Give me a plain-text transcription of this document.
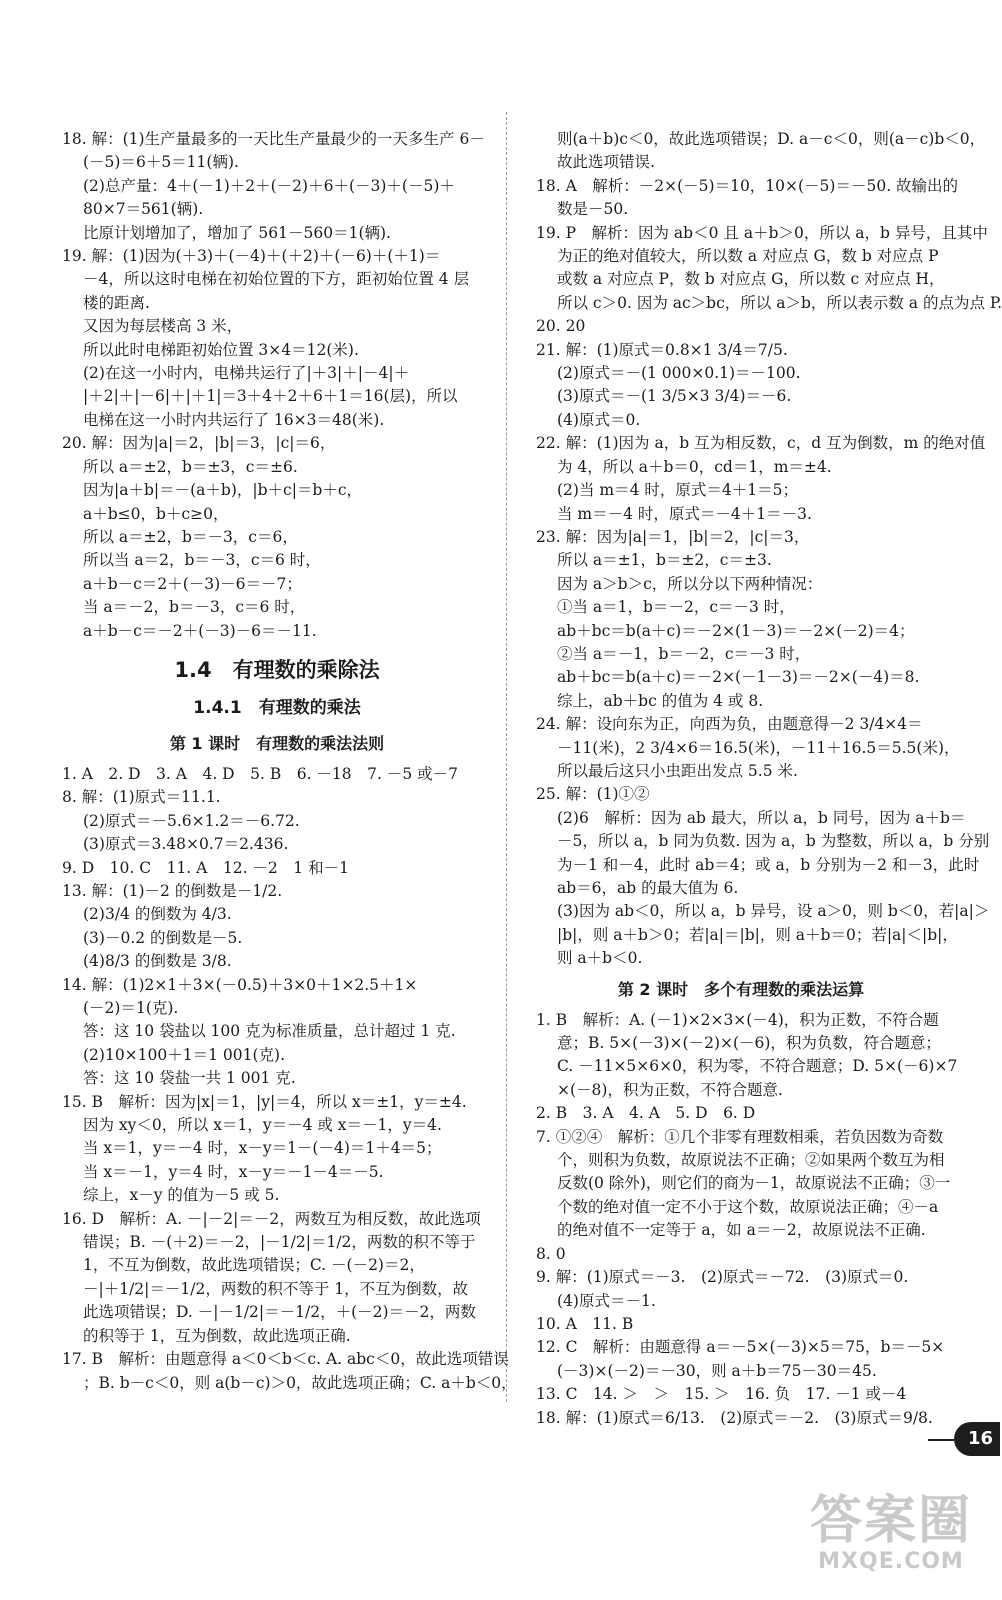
18. 解：(1)生产量最多的一天比生产量最少的一天多生产 6－
(－5)＝6＋5＝11(辆).
(2)总产量：4＋(－1)＋2＋(－2)＋6＋(－3)＋(－5)＋
80×7＝561(辆).
比原计划增加了，增加了 561－560＝1(辆).
19. 解：(1)因为(＋3)＋(－4)＋(＋2)＋(－6)＋(＋1)＝
－4，所以这时电梯在初始位置的下方，距初始位置 4 层
楼的距离.
又因为每层楼高 3 米，
所以此时电梯距初始位置 3×4＝12(米).
(2)在这一小时内，电梯共运行了|＋3|＋|－4|＋
|＋2|＋|－6|＋|＋1|＝3＋4＋2＋6＋1＝16(层)，所以
电梯在这一小时内共运行了 16×3＝48(米).
20. 解：因为|a|＝2，|b|＝3，|c|＝6，
所以 a＝±2，b＝±3，c＝±6.
因为|a＋b|＝－(a＋b)，|b＋c|＝b＋c，
a＋b≤0，b＋c≥0，
所以 a＝±2，b＝－3，c＝6，
所以当 a＝2，b＝－3，c＝6 时，
a＋b－c＝2＋(－3)－6＝－7；
当 a＝－2，b＝－3，c＝6 时，
a＋b－c＝－2＋(－3)－6＝－11.
1.4　有理数的乘除法
1.4.1　有理数的乘法
第 1 课时　有理数的乘法法则
1. A　2. D　3. A　4. D　5. B　6. －18　7. －5 或－7
8. 解：(1)原式＝11.1.
(2)原式＝－5.6×1.2＝－6.72.
(3)原式＝3.48×0.7＝2.436.
9. D　10. C　11. A　12. －2　1 和－1
13. 解：(1)－2 的倒数是－1/2.
(2)3/4 的倒数为 4/3.
(3)－0.2 的倒数是－5.
(4)8/3 的倒数是 3/8.
14. 解：(1)2×1＋3×(－0.5)＋3×0＋1×2.5＋1×
(－2)＝1(克).
答：这 10 袋盐以 100 克为标准质量，总计超过 1 克.
(2)10×100＋1＝1 001(克).
答：这 10 袋盐一共 1 001 克.
15. B　解析：因为|x|＝1，|y|＝4，所以 x＝±1，y＝±4.
因为 xy＜0，所以 x＝1，y＝－4 或 x＝－1，y＝4.
当 x＝1，y＝－4 时，x－y＝1－(－4)＝1＋4＝5；
当 x＝－1，y＝4 时，x－y＝－1－4＝－5.
综上，x－y 的值为－5 或 5.
16. D　解析：A. －|－2|＝－2，两数互为相反数，故此选项
错误；B. －(＋2)＝－2，|－1/2|＝1/2，两数的积不等于
1，不互为倒数，故此选项错误；C. －(－2)＝2，
－|＋1/2|＝－1/2，两数的积不等于 1，不互为倒数，故
此选项错误；D. －|－1/2|＝－1/2，＋(－2)＝－2，两数
的积等于 1，互为倒数，故此选项正确.
17. B　解析：由题意得 a＜0＜b＜c. A. abc＜0，故此选项错误
；B. b－c＜0，则 a(b－c)＞0，故此选项正确；C. a＋b＜0，
则(a＋b)c＜0，故此选项错误；D. a－c＜0，则(a－c)b＜0，
故此选项错误.
18. A　解析：－2×(－5)＝10，10×(－5)＝－50. 故输出的
数是－50.
19. P　解析：因为 ab＜0 且 a＋b＞0，所以 a，b 异号，且其中
为正的绝对值较大，所以数 a 对应点 G，数 b 对应点 P
或数 a 对应点 P，数 b 对应点 G，所以数 c 对应点 H，
所以 c＞0. 因为 ac＞bc，所以 a＞b，所以表示数 a 的点为点 P.
20. 20
21. 解：(1)原式＝0.8×1 3/4＝7/5.
(2)原式＝－(1 000×0.1)＝－100.
(3)原式＝－(1 3/5×3 3/4)＝－6.
(4)原式＝0.
22. 解：(1)因为 a，b 互为相反数，c，d 互为倒数，m 的绝对值
为 4，所以 a＋b＝0，cd＝1，m＝±4.
(2)当 m＝4 时，原式＝4＋1＝5；
当 m＝－4 时，原式＝－4＋1＝－3.
23. 解：因为|a|＝1，|b|＝2，|c|＝3，
所以 a＝±1，b＝±2，c＝±3.
因为 a＞b＞c，所以分以下两种情况：
①当 a＝1，b＝－2，c＝－3 时，
ab＋bc＝b(a＋c)＝－2×(1－3)＝－2×(－2)＝4；
②当 a＝－1，b＝－2，c＝－3 时，
ab＋bc＝b(a＋c)＝－2×(－1－3)＝－2×(－4)＝8.
综上，ab＋bc 的值为 4 或 8.
24. 解：设向东为正，向西为负，由题意得－2 3/4×4＝
－11(米)，2 3/4×6＝16.5(米)，－11＋16.5＝5.5(米)，
所以最后这只小虫距出发点 5.5 米.
25. 解：(1)①②
(2)6　解析：因为 ab 最大，所以 a，b 同号，因为 a＋b＝
－5，所以 a，b 同为负数. 因为 a，b 为整数，所以 a，b 分别
为－1 和－4，此时 ab＝4；或 a，b 分别为－2 和－3，此时
ab＝6，ab 的最大值为 6.
(3)因为 ab＜0，所以 a，b 异号，设 a＞0，则 b＜0，若|a|＞
|b|，则 a＋b＞0；若|a|＝|b|，则 a＋b＝0；若|a|＜|b|，
则 a＋b＜0.
第 2 课时　多个有理数的乘法运算
1. B　解析：A. (－1)×2×3×(－4)，积为正数，不符合题
意；B. 5×(－3)×(－2)×(－6)，积为负数，符合题意；
C. －11×5×6×0，积为零，不符合题意；D. 5×(－6)×7
×(－8)，积为正数，不符合题意.
2. B　3. A　4. A　5. D　6. D
7. ①②④　解析：①几个非零有理数相乘，若负因数为奇数
个，则积为负数，故原说法不正确；②如果两个数互为相
反数(0 除外)，则它们的商为－1，故原说法不正确；③一
个数的绝对值一定不小于这个数，故原说法正确；④－a
的绝对值不一定等于 a，如 a＝－2，故原说法不正确.
8. 0
9. 解：(1)原式＝－3.　(2)原式＝－72.　(3)原式＝0.
(4)原式＝－1.
10. A　11. B
12. C　解析：由题意得 a＝－5×(－3)×5＝75，b＝－5×
(－3)×(－2)＝－30，则 a＋b＝75－30＝45.
13. C　14. ＞　＞　15. ＞　16. 负　17. －1 或－4
18. 解：(1)原式＝6/13.　(2)原式＝－2.　(3)原式＝9/8.
16
答案圈
MXQE.COM
